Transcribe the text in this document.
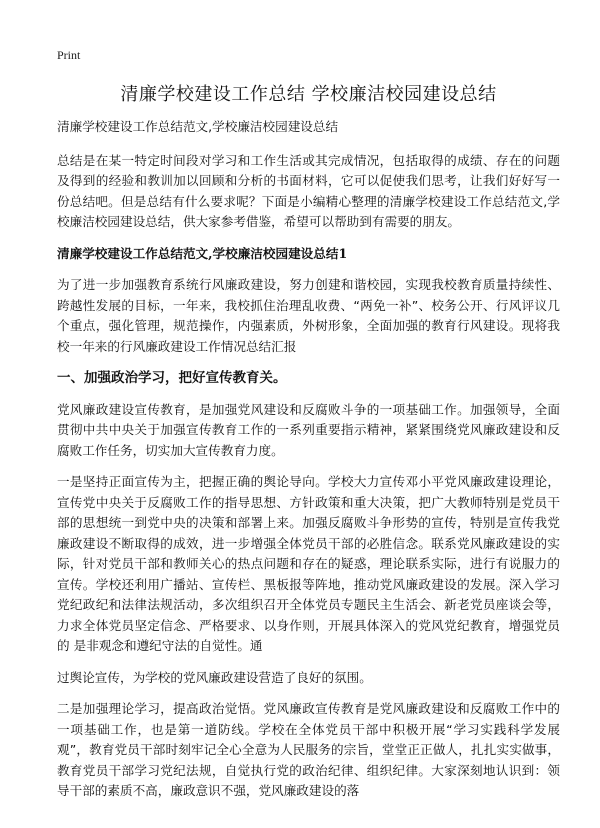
Print
清廉学校建设工作总结 学校廉洁校园建设总结

清廉学校建设工作总结范文,学校廉洁校园建设总结

总结是在某一特定时间段对学习和工作生活或其完成情况，包括取得的成绩、存在的问题及得到的经验和教训加以回顾和分析的书面材料，它可以促使我们思考，让我们好好写一份总结吧。但是总结有什么要求呢？下面是小编精心整理的清廉学校建设工作总结范文,学校廉洁校园建设总结，供大家参考借鉴，希望可以帮助到有需要的朋友。

清廉学校建设工作总结范文,学校廉洁校园建设总结1

为了进一步加强教育系统行风廉政建设，努力创建和谐校园，实现我校教育质量持续性、跨越性发展的目标，一年来，我校抓住治理乱收费、“两免一补”、校务公开、行风评议几个重点，强化管理，规范操作，内强素质，外树形象，全面加强的教育行风建设。现将我校一年来的行风廉政建设工作情况总结汇报

一、加强政治学习，把好宣传教育关。

党风廉政建设宣传教育，是加强党风建设和反腐败斗争的一项基础工作。加强领导，全面贯彻中共中央关于加强宣传教育工作的一系列重要指示精神，紧紧围绕党风廉政建设和反腐败工作任务，切实加大宣传教育力度。

一是坚持正面宣传为主，把握正确的舆论导向。学校大力宣传邓小平党风廉政建设理论，宣传党中央关于反腐败工作的指导思想、方针政策和重大决策，把广大教师特别是党员干部的思想统一到党中央的决策和部署上来。加强反腐败斗争形势的宣传，特别是宣传我党廉政建设不断取得的成效，进一步增强全体党员干部的必胜信念。联系党风廉政建设的实际，针对党员干部和教师关心的热点问题和存在的疑惑，理论联系实际，进行有说服力的宣传。学校还利用广播站、宣传栏、黑板报等阵地，推动党风廉政建设的发展。深入学习党纪政纪和法律法规活动，多次组织召开全体党员专题民主生活会、新老党员座谈会等，力求全体党员坚定信念、严格要求、以身作则，开展具体深入的党风党纪教育，增强党员的 是非观念和遵纪守法的自觉性。通

过舆论宣传，为学校的党风廉政建设营造了良好的氛围。

二是加强理论学习，提高政治觉悟。党风廉政宣传教育是党风廉政建设和反腐败工作中的一项基础工作，也是第一道防线。学校在全体党员干部中积极开展“学习实践科学发展观”，教育党员干部时刻牢记全心全意为人民服务的宗旨，堂堂正正做人，扎扎实实做事，教育党员干部学习党纪法规，自觉执行党的政治纪律、组织纪律。大家深刻地认识到：领导干部的素质不高，廉政意识不强，党风廉政建设的落
